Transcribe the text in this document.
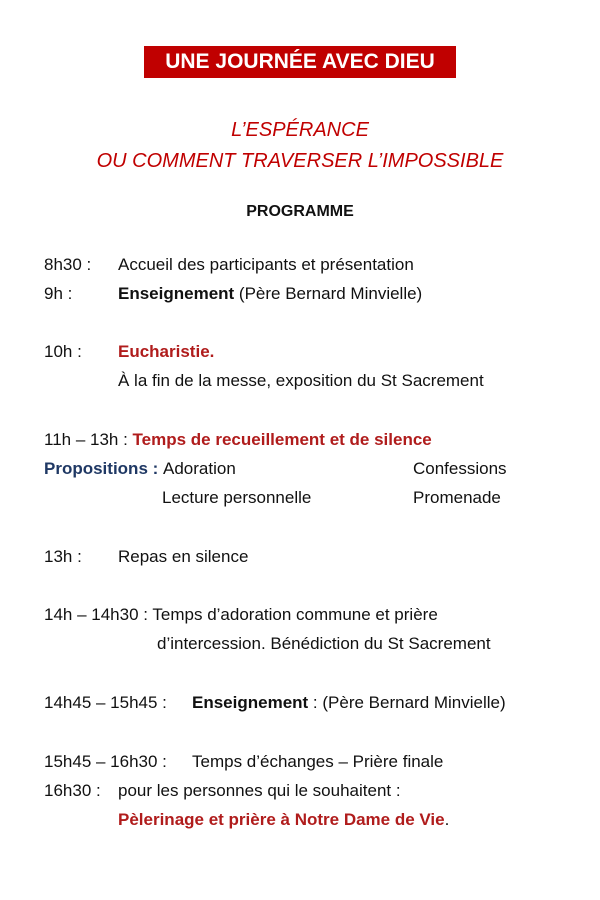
UNE JOURNÉE AVEC DIEU
L’ESPÉRANCE
OU COMMENT TRAVERSER L’IMPOSSIBLE
PROGRAMME
8h30 : Accueil des participants et présentation
9h :	Enseignement (Père Bernard Minvielle)
10h : Eucharistie.
À la fin de la messe, exposition du St Sacrement
11h – 13h : Temps de recueillement et de silence
Propositions : Adoration	Confessions
Lecture personnelle	Promenade
13h : Repas en silence
14h – 14h30 : Temps d’adoration commune et prière
d’intercession. Bénédiction du St Sacrement
14h45 – 15h45 : Enseignement : (Père Bernard Minvielle)
15h45 – 16h30 : Temps d’échanges – Prière finale
16h30 : pour les personnes qui le souhaitent :
Pèlerinage et prière à Notre Dame de Vie.
